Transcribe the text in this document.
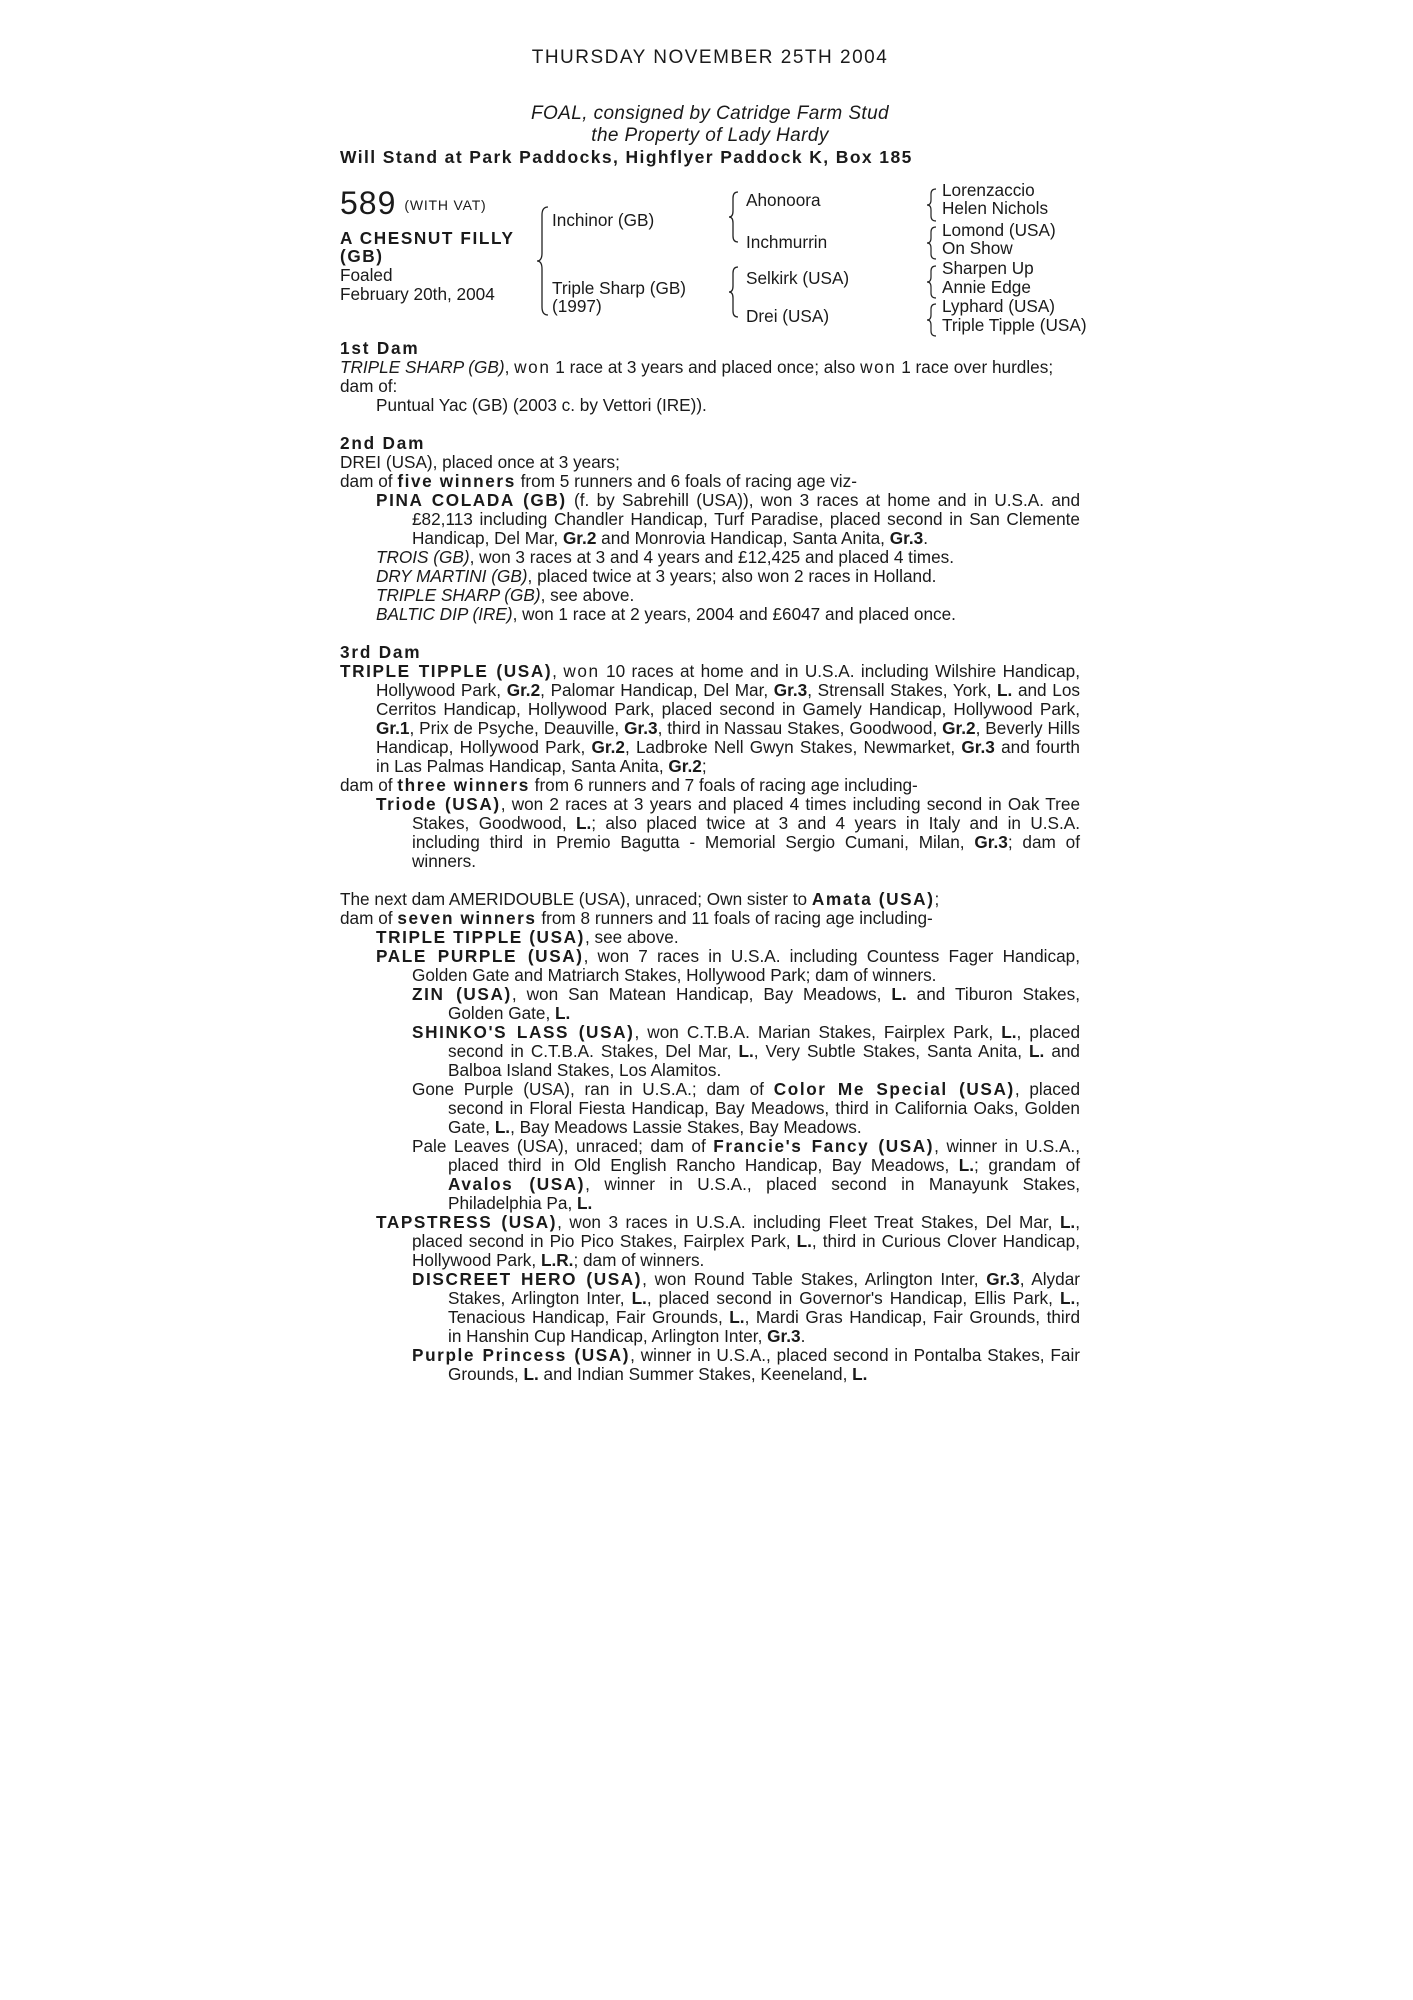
THURSDAY NOVEMBER 25TH 2004
FOAL, consigned by Catridge Farm Stud
the Property of Lady Hardy
Will Stand at Park Paddocks, Highflyer Paddock K, Box 185
589 (WITH VAT)
A CHESNUT FILLY
(GB)
Foaled
February 20th, 2004
Inchinor (GB)
Triple Sharp (GB)
(1997)
Ahonoora
Inchmurrin
Selkirk (USA)
Drei (USA)
Lorenzaccio
Helen Nichols
Lomond (USA)
On Show
Sharpen Up
Annie Edge
Lyphard (USA)
Triple Tipple (USA)
1st Dam
TRIPLE SHARP (GB), won 1 race at 3 years and placed once; also won 1 race over hurdles;
dam of:
Puntual Yac (GB) (2003 c. by Vettori (IRE)).
2nd Dam
DREI (USA), placed once at 3 years;
dam of five winners from 5 runners and 6 foals of racing age viz-
PINA COLADA (GB) (f. by Sabrehill (USA)), won 3 races at home and in U.S.A. and £82,113 including Chandler Handicap, Turf Paradise, placed second in San Clemente Handicap, Del Mar, Gr.2 and Monrovia Handicap, Santa Anita, Gr.3.
TROIS (GB), won 3 races at 3 and 4 years and £12,425 and placed 4 times.
DRY MARTINI (GB), placed twice at 3 years; also won 2 races in Holland.
TRIPLE SHARP (GB), see above.
BALTIC DIP (IRE), won 1 race at 2 years, 2004 and £6047 and placed once.
3rd Dam
TRIPLE TIPPLE (USA), won 10 races at home and in U.S.A. including Wilshire Handicap, Hollywood Park, Gr.2, Palomar Handicap, Del Mar, Gr.3, Strensall Stakes, York, L. and Los Cerritos Handicap, Hollywood Park, placed second in Gamely Handicap, Hollywood Park, Gr.1, Prix de Psyche, Deauville, Gr.3, third in Nassau Stakes, Goodwood, Gr.2, Beverly Hills Handicap, Hollywood Park, Gr.2, Ladbroke Nell Gwyn Stakes, Newmarket, Gr.3 and fourth in Las Palmas Handicap, Santa Anita, Gr.2;
dam of three winners from 6 runners and 7 foals of racing age including-
Triode (USA), won 2 races at 3 years and placed 4 times including second in Oak Tree Stakes, Goodwood, L.; also placed twice at 3 and 4 years in Italy and in U.S.A. including third in Premio Bagutta - Memorial Sergio Cumani, Milan, Gr.3; dam of winners.
The next dam AMERIDOUBLE (USA), unraced; Own sister to Amata (USA);
dam of seven winners from 8 runners and 11 foals of racing age including-
TRIPLE TIPPLE (USA), see above.
PALE PURPLE (USA), won 7 races in U.S.A. including Countess Fager Handicap, Golden Gate and Matriarch Stakes, Hollywood Park; dam of winners.
ZIN (USA), won San Matean Handicap, Bay Meadows, L. and Tiburon Stakes, Golden Gate, L.
SHINKO'S LASS (USA), won C.T.B.A. Marian Stakes, Fairplex Park, L., placed second in C.T.B.A. Stakes, Del Mar, L., Very Subtle Stakes, Santa Anita, L. and Balboa Island Stakes, Los Alamitos.
Gone Purple (USA), ran in U.S.A.; dam of Color Me Special (USA), placed second in Floral Fiesta Handicap, Bay Meadows, third in California Oaks, Golden Gate, L., Bay Meadows Lassie Stakes, Bay Meadows.
Pale Leaves (USA), unraced; dam of Francie's Fancy (USA), winner in U.S.A., placed third in Old English Rancho Handicap, Bay Meadows, L.; grandam of Avalos (USA), winner in U.S.A., placed second in Manayunk Stakes, Philadelphia Pa, L.
TAPSTRESS (USA), won 3 races in U.S.A. including Fleet Treat Stakes, Del Mar, L., placed second in Pio Pico Stakes, Fairplex Park, L., third in Curious Clover Handicap, Hollywood Park, L.R.; dam of winners.
DISCREET HERO (USA), won Round Table Stakes, Arlington Inter, Gr.3, Alydar Stakes, Arlington Inter, L., placed second in Governor's Handicap, Ellis Park, L., Tenacious Handicap, Fair Grounds, L., Mardi Gras Handicap, Fair Grounds, third in Hanshin Cup Handicap, Arlington Inter, Gr.3.
Purple Princess (USA), winner in U.S.A., placed second in Pontalba Stakes, Fair Grounds, L. and Indian Summer Stakes, Keeneland, L.
